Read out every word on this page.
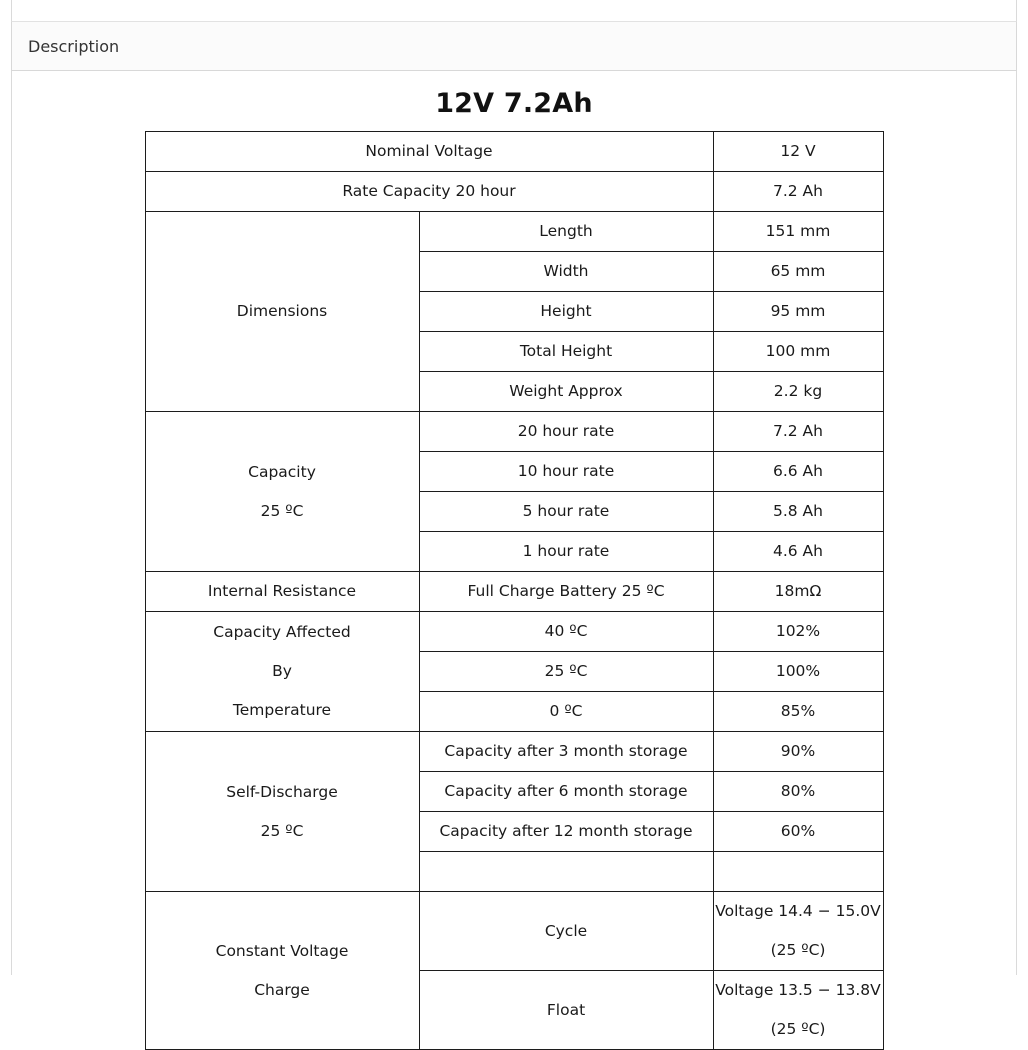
Description
12V 7.2Ah
Nominal Voltage		12 V
Rate Capacity 20 hour		7.2 Ah
Dimensions	Length	151 mm
	Width	65 mm
	Height	95 mm
	Total Height	100 mm
	Weight Approx	2.2 kg

Capacity
25 ºC	20 hour rate	7.2 Ah
	10 hour rate	6.6 Ah
	5 hour rate	5.8 Ah
	1 hour rate	4.6 Ah
Internal Resistance	Full Charge Battery 25 ºC	18mΩ

Capacity Affected
By
Temperature	40 ºC	102%
	25 ºC	100%
	0 ºC	85%

Self-Discharge
25 ºC	Capacity after 3 month storage	90%
	Capacity after 6 month storage	80%
	Capacity after 12 month storage	60%

Constant Voltage
Charge	Cycle	Voltage 14.4 − 15.0V (25 ºC)
	Float	Voltage 13.5 − 13.8V (25 ºC)
